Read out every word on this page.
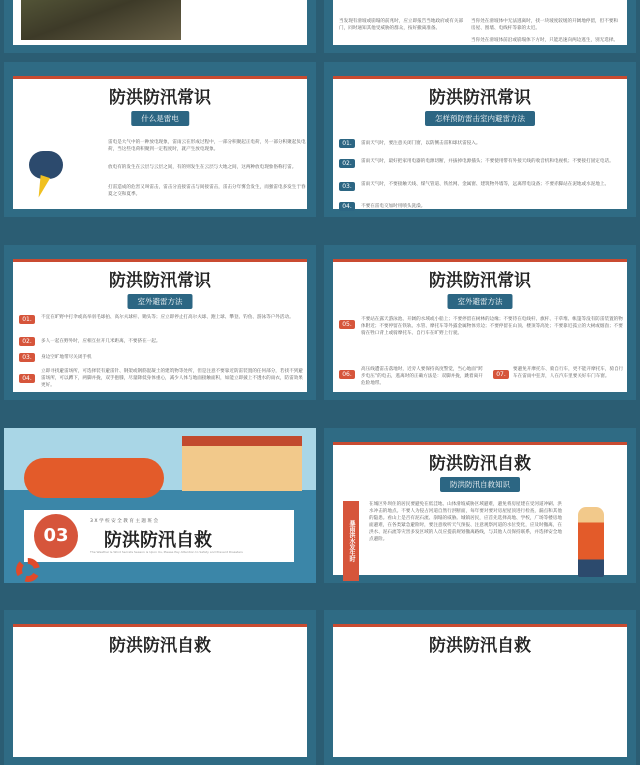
当发现有滑坡或崩塌的前兆时，应立即报告当地政府或有关部门，同时通知其他受威胁的群众，按好撤离准备。
当你处在滑坡体中无法逃离时，找一块坡度较缓的开阔地停留，但不要和房屋、围墙、电线杆等靠的太近。
当你处在滑坡体前沿或崩塌体下方时，只能迅速向两边逃生，别无选择。
防洪防汛常识
什么是雷电
雷电是大气中的一种放电现象，雷雨云在形成过程中，一部分积聚起正电荷，另一部分积聚起负电荷，当这些电荷积聚到一定程度时，就产生放电现象。
放电有的发生在云层与云层之间，有的则发生在云层与大地之间，这两种放电现象俗称打雷。
打雷造成的危害又叫雷击，雷击分直接雷击与间接雷击，雷击分年雾会发生，而强雷电多发生于春夏之交和夏季。
防洪防汛常识
怎样预防雷击室内避雷方法
01.	雷雨天气时，要注意关闭门窗，以防侧击雷和球状雷侵入。
02.	雷雨天气时，最好把家用电器的电源切断，并拔掉电源插头；不要使用带有外接天线的收音机和电视机；不要接打固定电话。
03.	雷雨天气时，不要接触天线、煤气管道、铁丝网、金属窗、建筑物外墙等，远离带电设备；不要赤脚站在泥地或水泥地上。
04.	不要在雷电交加时用喷头洗澡。
防洪防汛常识
室外避雷方法
01.	不宜在旷野中打伞或高举羽毛球拍、高尔夫球杆、锄头等；应立即停止打高尔夫球、跑上球、攀登、钓鱼、游泳等户外活动。
02.	多人一起在野外时，应相互拉开几米距离，不要挤在一起。
03.	身边空旷地带尽关闭手机
04.
立即寻找避雷场所，可选择装有避雷针、钢架或钢筋混凝土的建筑物等处所，但是注意不要靠近防雷装置的任何部分，若找不到避雷场所，可以蹲下，两脚并拢，双手抱膝，尽量降低身体重心，减少人体与地面接触面积，如能立即披上不透水的雨衣，防雷效果更好。
防洪防汛常识
室外避雷方法
05.
不要站在露天游泳池、开阔的水域或小船上；不要停留在树林的边缘；不要待在电线杆、旗杆、干草堆、帐篷等没有防雷装置的物体附近；不要停留在铁轨、水管、摩托车等外露金属物体旁边；不要停留在山顶、楼顶等高处；不要靠近孤立的大树或烟囱；不要骑在牲口背上或骑摩托车、自行车在旷野上行驶。
06.
高压线遭雷击落地时，近旁人要保持高度警觉，当心地面“跨步电压”的电击，逃离时的正确方法是：双脚并拢，跳着离开危险地带。
07.
要避免开摩托车、骑自行车，更不能开摩托车，骑自行车在雷雨中狂奔，人在汽车里要关好车门车窗。
03
3 X 学 校 安 全 教 育 主 题 班 会
防洪防汛自救
The Weather & Wind Secrets Season is Upon Us, Please Pay Attention to Safety and Prevent Disasters
防洪防汛自救
防洪防汛自救知识
暴雨洪水发生时
在城区外坝住的居民要避免在低洼地、山体滑坡威胁区域避难，避免将房屋建在受河道冲刷、洪水冲击的地点。不要人为侵占河道自然行洪断面，每年要对要对房屋屋顶进行检查，漏点和其他的隐患。看山上是否有泥石流、崩塌的威胁。城镇居民，应首先选择高地、学校，广场等楼房地面避难，在各类紧急避险时，要注意收听天气预报、注意观察河道的水位变化，应及时撤离，在洪水、泥石流等灾害多发区域的人员应提前规划撤离路线，与其他人员保持联系，并选择安全地点避险。
防洪防汛自救	防洪防汛自救
